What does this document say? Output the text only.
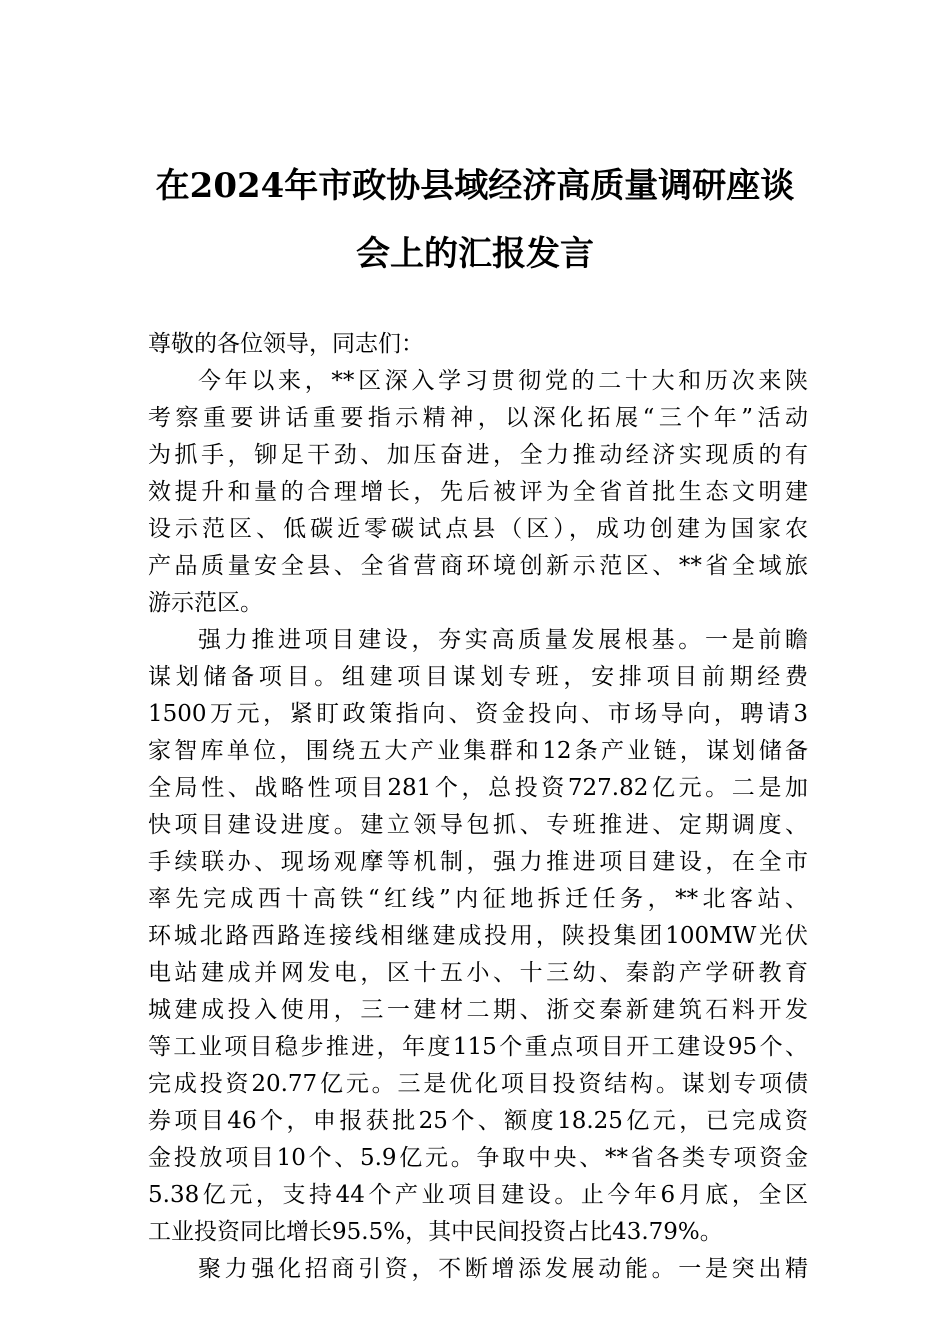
在2024年市政协县域经济高质量调研座谈
会上的汇报发言
尊敬的各位领导，同志们：
今年以来，**区深入学习贯彻党的二十大和历次来陕
考察重要讲话重要指示精神，以深化拓展“三个年”活动
为抓手，铆足干劲、加压奋进，全力推动经济实现质的有
效提升和量的合理增长，先后被评为全省首批生态文明建
设示范区、低碳近零碳试点县（区），成功创建为国家农
产品质量安全县、全省营商环境创新示范区、**省全域旅
游示范区。
强力推进项目建设，夯实高质量发展根基。一是前瞻
谋划储备项目。组建项目谋划专班，安排项目前期经费
1500万元，紧盯政策指向、资金投向、市场导向，聘请3
家智库单位，围绕五大产业集群和12条产业链，谋划储备
全局性、战略性项目281个，总投资727.82亿元。二是加
快项目建设进度。建立领导包抓、专班推进、定期调度、
手续联办、现场观摩等机制，强力推进项目建设，在全市
率先完成西十高铁“红线”内征地拆迁任务，**北客站、
环城北路西路连接线相继建成投用，陕投集团100MW光伏
电站建成并网发电，区十五小、十三幼、秦韵产学研教育
城建成投入使用，三一建材二期、浙交秦新建筑石料开发
等工业项目稳步推进，年度115个重点项目开工建设95个、
完成投资20.77亿元。三是优化项目投资结构。谋划专项债
券项目46个，申报获批25个、额度18.25亿元，已完成资
金投放项目10个、5.9亿元。争取中央、**省各类专项资金
5.38亿元，支持44个产业项目建设。止今年6月底，全区
工业投资同比增长95.5%，其中民间投资占比43.79%。
聚力强化招商引资，不断增添发展动能。一是突出精
